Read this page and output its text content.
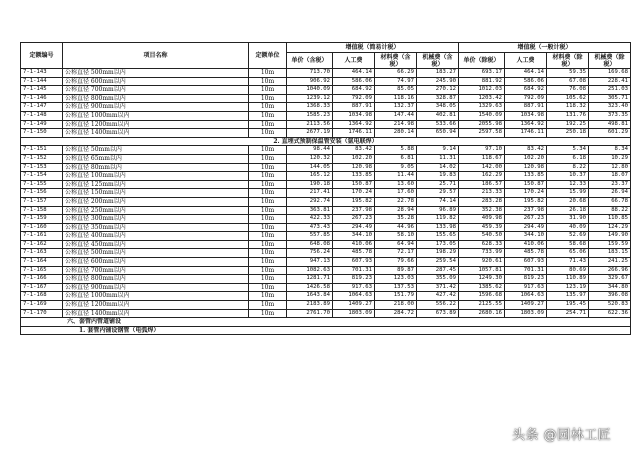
定额编号	项目名称	定额单位	增值税（简易计税）				增值税（一般计税）			
			单价（含税）	人工费	材料费（含税）	机械费（含税）	单价（除税）	人工费	材料费（除税）	机械费（除税）
7-1-143	公称直径 500mm以内	10m	713.70	464.14	66.29	183.27	693.17	464.14	59.35	169.68
7-1-144	公称直径 600mm以内	10m	906.92	586.06	74.97	245.90	881.92	586.06	67.08	228.41
7-1-145	公称直径 700mm以内	10m	1040.09	684.92	85.05	270.12	1012.03	684.92	76.08	251.03
7-1-146	公称直径 800mm以内	10m	1239.12	792.09	118.16	328.87	1203.42	792.09	105.62	305.71
7-1-147	公称直径 900mm以内	10m	1368.33	887.91	132.37	348.05	1329.63	887.91	118.32	323.40
7-1-148	公称直径 1000mm以内	10m	1585.23	1034.98	147.44	402.81	1540.09	1034.98	131.76	373.35
7-1-149	公称直径 1200mm以内	10m	2113.56	1364.92	214.98	533.66	2055.98	1364.92	192.25	498.81
7-1-150	公称直径 1400mm以内	10m	2677.19	1746.11	280.14	650.94	2597.58	1746.11	250.18	601.29
2. 直埋式预制保温管安装（氩电联焊）										
7-1-151	公称直径 50mm以内	10m	98.44	83.42	5.88	9.14	97.10	83.42	5.34	8.34
7-1-152	公称直径 65mm以内	10m	120.32	102.20	6.81	11.31	118.67	102.20	6.18	10.29
7-1-153	公称直径 80mm以内	10m	144.05	120.98	9.05	14.02	142.00	120.98	8.22	12.80
7-1-154	公称直径 100mm以内	10m	165.12	133.85	11.44	19.83	162.29	133.85	10.37	18.07
7-1-155	公称直径 125mm以内	10m	190.18	150.87	13.60	25.71	186.57	150.87	12.33	23.37
7-1-156	公称直径 150mm以内	10m	217.41	170.24	17.60	29.57	213.33	170.24	15.99	26.94
7-1-157	公称直径 200mm以内	10m	292.74	195.82	22.78	74.14	283.28	195.82	20.68	66.78
7-1-158	公称直径 250mm以内	10m	363.81	237.98	28.94	96.89	352.38	237.98	26.18	88.22
7-1-159	公称直径 300mm以内	10m	422.33	267.23	35.28	119.82	409.98	267.23	31.90	110.85
7-1-160	公称直径 350mm以内	10m	473.43	294.49	44.96	133.98	459.39	294.49	40.09	124.29
7-1-161	公称直径 400mm以内	10m	557.85	344.10	58.10	155.65	540.50	344.10	52.69	149.90
7-1-162	公称直径 450mm以内	10m	648.08	410.06	64.94	173.05	628.33	410.06	58.68	159.59
7-1-163	公称直径 500mm以内	10m	756.24	485.78	72.17	198.29	733.99	485.78	65.06	183.15
7-1-164	公称直径 600mm以内	10m	947.13	607.93	79.66	259.54	920.61	607.93	71.43	241.25
7-1-165	公称直径 700mm以内	10m	1082.63	701.31	89.87	287.45	1057.81	701.31	80.69	266.96
7-1-166	公称直径 800mm以内	10m	1281.71	819.23	123.03	355.09	1249.30	819.23	110.89	329.67
7-1-167	公称直径 900mm以内	10m	1426.58	917.63	137.53	371.42	1385.62	917.63	123.19	344.80
7-1-168	公称直径 1000mm以内	10m	1643.84	1064.63	151.79	427.42	1596.68	1064.63	135.97	396.08
7-1-169	公称直径 1200mm以内	10m	2183.89	1409.27	218.00	556.22	2125.55	1409.27	195.45	520.83
7-1-170	公称直径 1400mm以内	10m	2761.70	1803.09	284.72	673.89	2680.16	1803.09	254.71	622.36
六、套管内管道铺设										
1. 套管内铺设钢管（电弧焊）										
头条 @园林工匠
